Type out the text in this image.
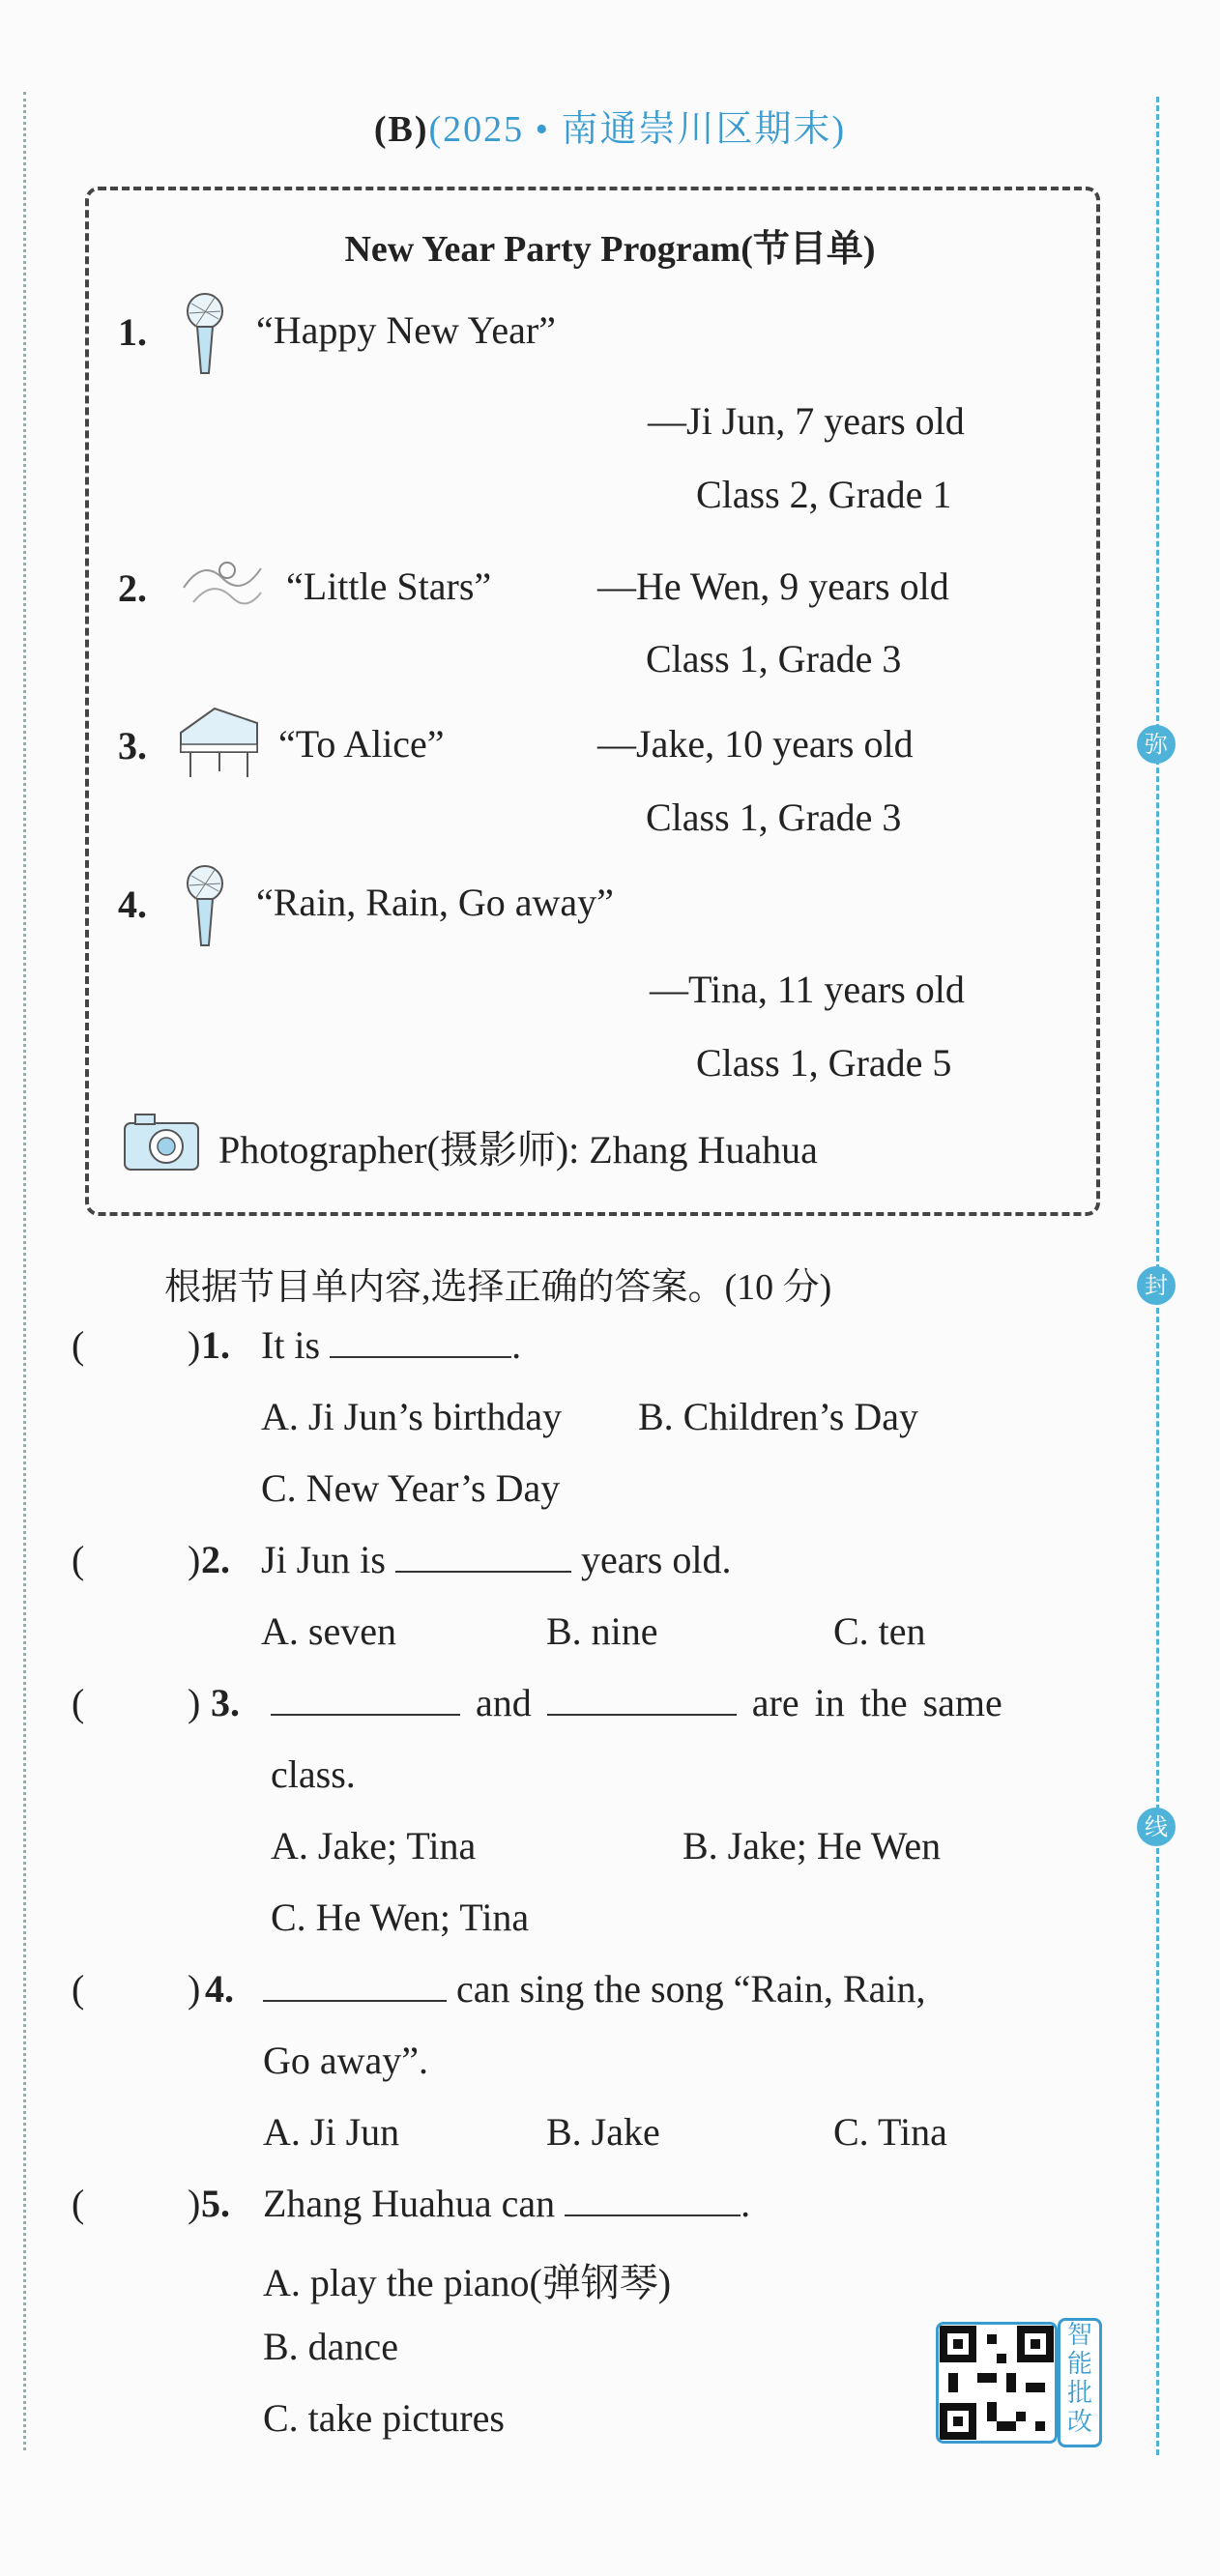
弥
封
线
(B)(2025 • 南通崇川区期末)
New Year Party Program(节目单)
1.	“Happy New Year”
—Ji Jun, 7 years old
Class 2, Grade 1
2.	“Little Stars”	—He Wen, 9 years old
Class 1, Grade 3
3.	“To Alice”	—Jake, 10 years old
Class 1, Grade 3
4.	“Rain, Rain, Go away”
—Tina, 11 years old
Class 1, Grade 5
Photographer(摄影师): Zhang Huahua
根据节目单内容,选择正确的答案。(10 分)
(	) 1. It is	.
A. Ji Jun’s birthday B. Children’s Day
C. New Year’s Day
(	) 2. Ji Jun is	years old.
A. seven	B. nine	C. ten
(	) 3.	and	are in the same
class.
A. Jake; Tina	B. Jake; He Wen
C. He Wen; Tina
(	) 4.	can sing the song “Rain, Rain,
Go away”.
A. Ji Jun	B. Jake	C. Tina
(	) 5. Zhang Huahua can	.
A. play the piano(弹钢琴)
B. dance
C. take pictures
智能批改
